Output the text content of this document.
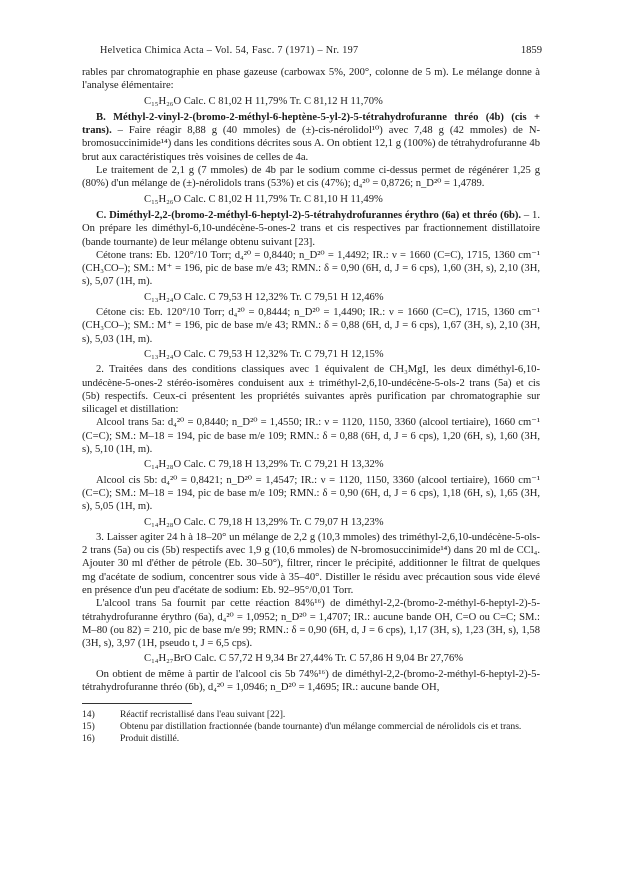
Helvetica Chimica Acta – Vol. 54, Fasc. 7 (1971) – Nr. 197	1859

rables par chromatographie en phase gazeuse (carbowax 5%, 200°, colonne de 5 m). Le mélange donne à l'analyse élémentaire:

C₁₅H₂₆O Calc. C 81,02 H 11,79% Tr. C 81,12 H 11,70%

B. Méthyl-2-vinyl-2-(bromo-2-méthyl-6-heptène-5-yl-2)-5-tétrahydrofuranne thréo (4b) (cis + trans). – Faire réagir 8,88 g (40 mmoles) de (±)-cis-nérolidol¹⁰) avec 7,48 g (42 mmoles) de N-bromosuccinimide¹⁴) dans les conditions décrites sous A. On obtient 12,1 g (100%) de tétrahydrofuranne 4b brut aux caractéristiques très voisines de celles de 4a.

Le traitement de 2,1 g (7 mmoles) de 4b par le sodium comme ci-dessus permet de régénérer 1,25 g (80%) d'un mélange de (±)-nérolidols trans (53%) et cis (47%); d₄²⁰ = 0,8726; n_D²⁰ = 1,4789.

C₁₅H₂₆O Calc. C 81,02 H 11,79% Tr. C 81,10 H 11,49%

C. Diméthyl-2,2-(bromo-2-méthyl-6-heptyl-2)-5-tétrahydrofurannes érythro (6a) et thréo (6b). – 1. On prépare les diméthyl-6,10-undécène-5-ones-2 trans et cis respectives par fractionnement distillatoire (bande tournante) de leur mélange obtenu suivant [23].

Cétone trans: Eb. 120°/10 Torr; d₄²⁰ = 0,8440; n_D²⁰ = 1,4492; IR.: ν = 1660 (C=C), 1715, 1360 cm⁻¹ (CH₃CO–); SM.: M⁺ = 196, pic de base m/e 43; RMN.: δ = 0,90 (6H, d, J = 6 cps), 1,60 (3H, s), 2,10 (3H, s), 5,07 (1H, m).

C₁₃H₂₄O Calc. C 79,53 H 12,32% Tr. C 79,51 H 12,46%

Cétone cis: Eb. 120°/10 Torr; d₄²⁰ = 0,8444; n_D²⁰ = 1,4490; IR.: ν = 1660 (C=C), 1715, 1360 cm⁻¹ (CH₃CO–); SM.: M⁺ = 196, pic de base m/e 43; RMN.: δ = 0,88 (6H, d, J = 6 cps), 1,67 (3H, s), 2,10 (3H, s), 5,03 (1H, m).

C₁₃H₂₄O Calc. C 79,53 H 12,32% Tr. C 79,71 H 12,15%

2. Traitées dans des conditions classiques avec 1 équivalent de CH₃MgI, les deux diméthyl-6,10-undécène-5-ones-2 stéréo-isomères conduisent aux ± triméthyl-2,6,10-undécène-5-ols-2 trans (5a) et cis (5b) respectifs. Ceux-ci présentent les propriétés suivantes après purification par chromatographie sur silicagel et distillation:

Alcool trans 5a: d₄²⁰ = 0,8440; n_D²⁰ = 1,4550; IR.: ν = 1120, 1150, 3360 (alcool tertiaire), 1660 cm⁻¹ (C=C); SM.: M–18 = 194, pic de base m/e 109; RMN.: δ = 0,88 (6H, d, J = 6 cps), 1,20 (6H, s), 1,60 (3H, s), 5,10 (1H, m).

C₁₄H₂₈O Calc. C 79,18 H 13,29% Tr. C 79,21 H 13,32%

Alcool cis 5b: d₄²⁰ = 0,8421; n_D²⁰ = 1,4547; IR.: ν = 1120, 1150, 3360 (alcool tertiaire), 1660 cm⁻¹ (C=C); SM.: M–18 = 194, pic de base m/e 109; RMN.: δ = 0,90 (6H, d, J = 6 cps), 1,18 (6H, s), 1,65 (3H, s), 5,05 (1H, m).

C₁₄H₂₈O Calc. C 79,18 H 13,29% Tr. C 79,07 H 13,23%

3. Laisser agiter 24 h à 18–20° un mélange de 2,2 g (10,3 mmoles) des triméthyl-2,6,10-undécène-5-ols-2 trans (5a) ou cis (5b) respectifs avec 1,9 g (10,6 mmoles) de N-bromosuccinimide¹⁴) dans 20 ml de CCl₄. Ajouter 30 ml d'éther de pétrole (Eb. 30–50°), filtrer, rincer le précipité, additionner le filtrat de quelques mg d'acétate de sodium, concentrer sous vide à 35–40°. Distiller le résidu avec précaution sous vide élevé en présence d'un peu d'acétate de sodium: Eb. 92–95°/0,01 Torr.

L'alcool trans 5a fournit par cette réaction 84%¹⁶) de diméthyl-2,2-(bromo-2-méthyl-6-heptyl-2)-5-tétrahydrofuranne érythro (6a), d₄²⁰ = 1,0952; n_D²⁰ = 1,4707; IR.: aucune bande OH, C=O ou C=C; SM.: M–80 (ou 82) = 210, pic de base m/e 99; RMN.: δ = 0,90 (6H, d, J = 6 cps), 1,17 (3H, s), 1,23 (3H, s), 1,58 (3H, s), 3,97 (1H, pseudo t, J = 6,5 cps).

C₁₄H₂₇BrO Calc. C 57,72 H 9,34 Br 27,44% Tr. C 57,86 H 9,04 Br 27,76%

On obtient de même à partir de l'alcool cis 5b 74%¹⁶) de diméthyl-2,2-(bromo-2-méthyl-6-heptyl-2)-5-tétrahydrofuranne thréo (6b), d₄²⁰ = 1,0946; n_D²⁰ = 1,4695; IR.: aucune bande OH,

14)	Réactif recristallisé dans l'eau suivant [22].

15)	Obtenu par distillation fractionnée (bande tournante) d'un mélange commercial de nérolidols cis et trans.

16)	Produit distillé.
